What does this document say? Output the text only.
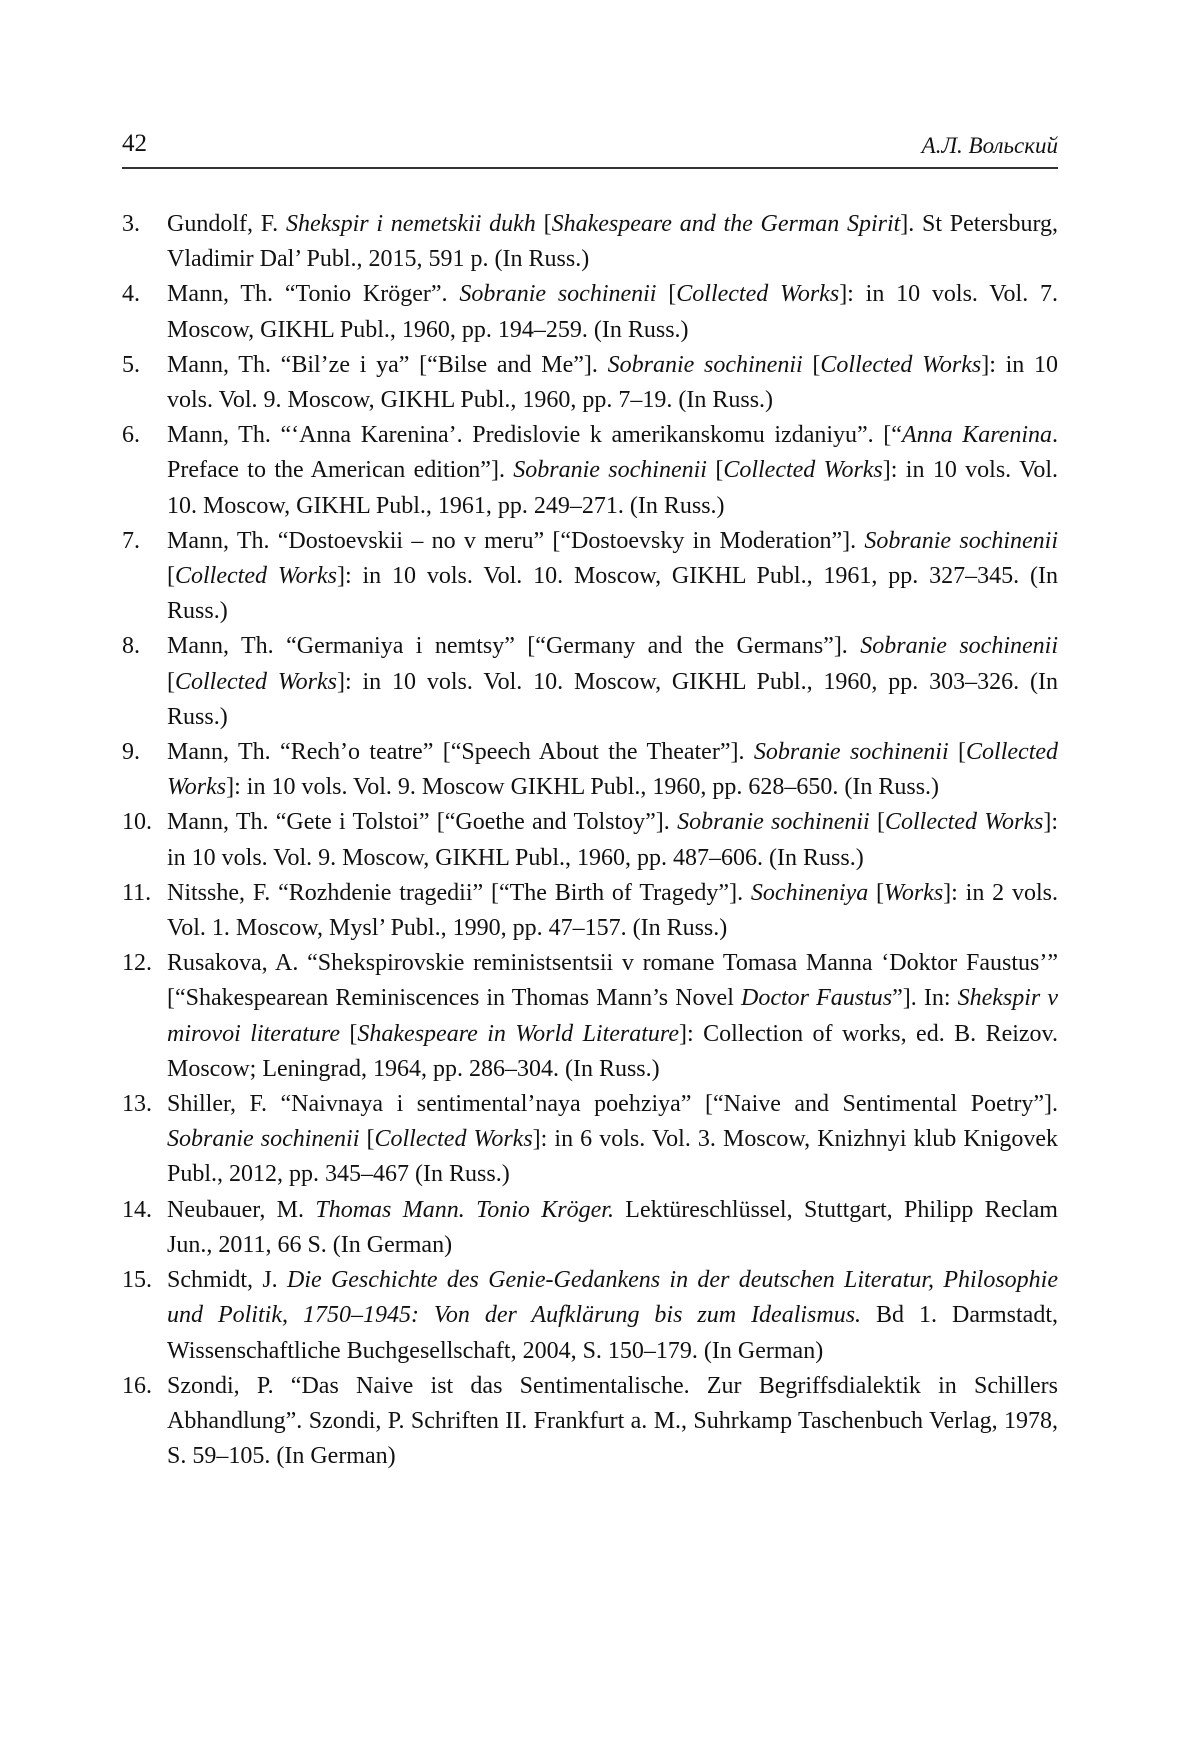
42	А.Л. Вольский
3. Gundolf, F. Shekspir i nemetskii dukh [Shakespeare and the German Spirit]. St Petersburg, Vladimir Dal’ Publ., 2015, 591 p. (In Russ.)
4. Mann, Th. “Tonio Kröger”. Sobranie sochinenii [Collected Works]: in 10 vols. Vol. 7. Moscow, GIKHL Publ., 1960, pp. 194–259. (In Russ.)
5. Mann, Th. “Bil’ze i ya” [“Bilse and Me”]. Sobranie sochinenii [Collected Works]: in 10 vols. Vol. 9. Moscow, GIKHL Publ., 1960, pp. 7–19. (In Russ.)
6. Mann, Th. “‘Anna Karenina’. Predislovie k amerikanskomu izdaniyu”. [“Anna Karenina. Preface to the American edition”]. Sobranie sochinenii [Collected Works]: in 10 vols. Vol. 10. Moscow, GIKHL Publ., 1961, pp. 249–271. (In Russ.)
7. Mann, Th. “Dostoevskii – no v meru” [“Dostoevsky in Moderation”]. Sobranie sochinenii [Collected Works]: in 10 vols. Vol. 10. Moscow, GIKHL Publ., 1961, pp. 327–345. (In Russ.)
8. Mann, Th. “Germaniya i nemtsy” [“Germany and the Germans”]. Sobranie sochinenii [Collected Works]: in 10 vols. Vol. 10. Moscow, GIKHL Publ., 1960, pp. 303–326. (In Russ.)
9. Mann, Th. “Rech’o teatre” [“Speech About the Theater”]. Sobranie sochinenii [Collected Works]: in 10 vols. Vol. 9. Moscow GIKHL Publ., 1960, pp. 628–650. (In Russ.)
10. Mann, Th. “Gete i Tolstoi” [“Goethe and Tolstoy”]. Sobranie sochinenii [Collected Works]: in 10 vols. Vol. 9. Moscow, GIKHL Publ., 1960, pp. 487–606. (In Russ.)
11. Nitsshe, F. “Rozhdenie tragedii” [“The Birth of Tragedy”]. Sochineniya [Works]: in 2 vols. Vol. 1. Moscow, Mysl’ Publ., 1990, pp. 47–157. (In Russ.)
12. Rusakova, A. “Shekspirovskie reministsentsii v romane Tomasa Manna ‘Doktor Faustus’” [“Shakespearean Reminiscences in Thomas Mann’s Novel Doctor Faustus”]. In: Shekspir v mirovoi literature [Shakespeare in World Literature]: Collection of works, ed. B. Reizov. Moscow; Leningrad, 1964, pp. 286–304. (In Russ.)
13. Shiller, F. “Naivnaya i sentimental’naya poehziya” [“Naive and Sentimental Poetry”]. Sobranie sochinenii [Collected Works]: in 6 vols. Vol. 3. Moscow, Knizhnyi klub Knigovek Publ., 2012, pp. 345–467 (In Russ.)
14. Neubauer, M. Thomas Mann. Tonio Kröger. Lektüreschlüssel, Stuttgart, Philipp Reclam Jun., 2011, 66 S. (In German)
15. Schmidt, J. Die Geschichte des Genie-Gedankens in der deutschen Literatur, Philosophie und Politik, 1750–1945: Von der Aufklärung bis zum Idealismus. Bd 1. Darmstadt, Wissenschaftliche Buchgesellschaft, 2004, S. 150–179. (In German)
16. Szondi, P. “Das Naive ist das Sentimentalische. Zur Begriffsdialektik in Schillers Abhandlung”. Szondi, P. Schriften II. Frankfurt a. M., Suhrkamp Taschenbuch Verlag, 1978, S. 59–105. (In German)
